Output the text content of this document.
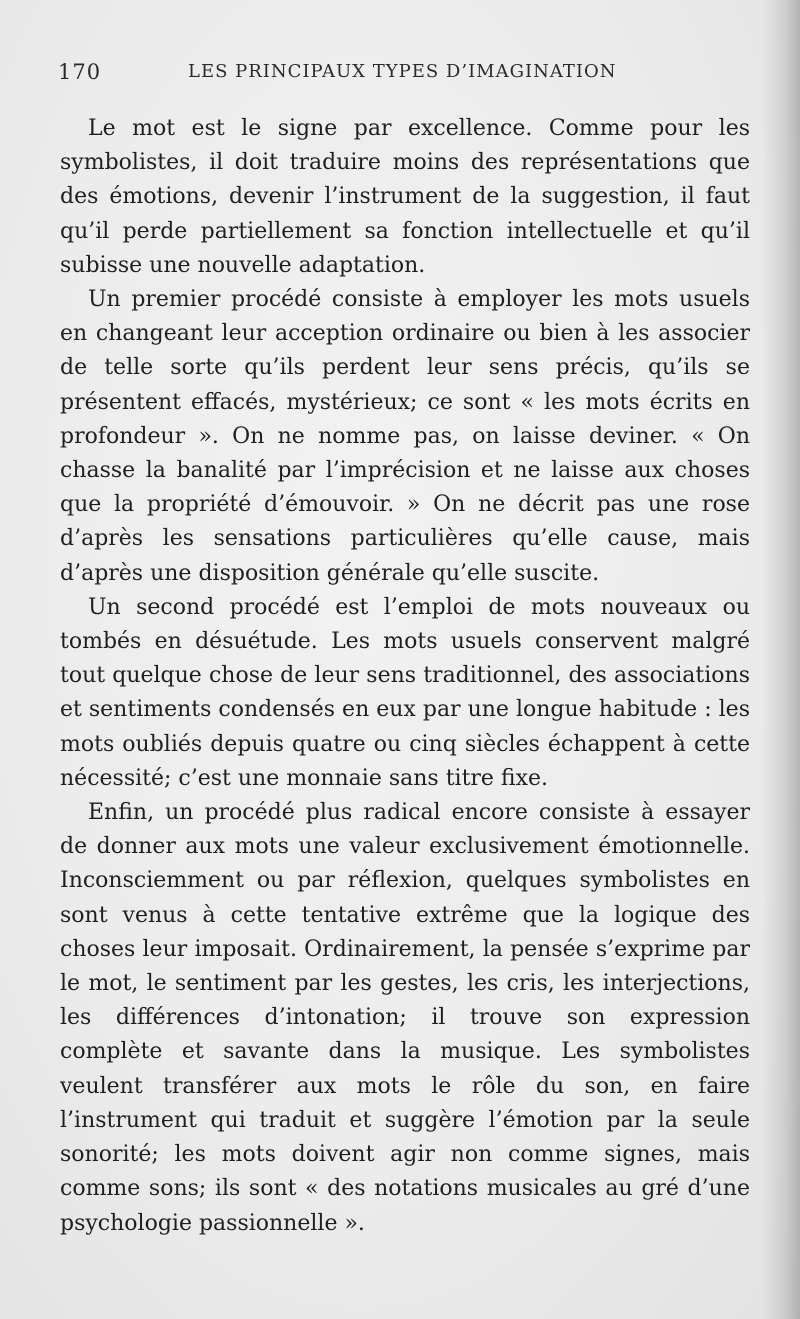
170	LES PRINCIPAUX TYPES D’IMAGINATION

Le mot est le signe par excellence. Comme pour les symbolistes, il doit traduire moins des représentations que des émotions, devenir l’instrument de la suggestion, il faut qu’il perde partiellement sa fonction intellectuelle et qu’il subisse une nouvelle adaptation.

Un premier procédé consiste à employer les mots usuels en changeant leur acception ordinaire ou bien à les associer de telle sorte qu’ils perdent leur sens précis, qu’ils se présentent effacés, mystérieux; ce sont « les mots écrits en profondeur ». On ne nomme pas, on laisse deviner. « On chasse la banalité par l’imprécision et ne laisse aux choses que la propriété d’émouvoir. » On ne décrit pas une rose d’après les sensations particulières qu’elle cause, mais d’après une disposition générale qu’elle suscite.

Un second procédé est l’emploi de mots nouveaux ou tombés en désuétude. Les mots usuels conservent malgré tout quelque chose de leur sens traditionnel, des associations et sentiments condensés en eux par une longue habitude : les mots oubliés depuis quatre ou cinq siècles échappent à cette nécessité; c’est une monnaie sans titre fixe.

Enfin, un procédé plus radical encore consiste à essayer de donner aux mots une valeur exclusivement émotionnelle. Inconsciemment ou par réflexion, quelques symbolistes en sont venus à cette tentative extrême que la logique des choses leur imposait. Ordinairement, la pensée s’exprime par le mot, le sentiment par les gestes, les cris, les interjections, les différences d’intonation; il trouve son expression complète et savante dans la musique. Les symbolistes veulent transférer aux mots le rôle du son, en faire l’instrument qui traduit et suggère l’émotion par la seule sonorité; les mots doivent agir non comme signes, mais comme sons; ils sont « des notations musicales au gré d’une psychologie passionnelle ».
